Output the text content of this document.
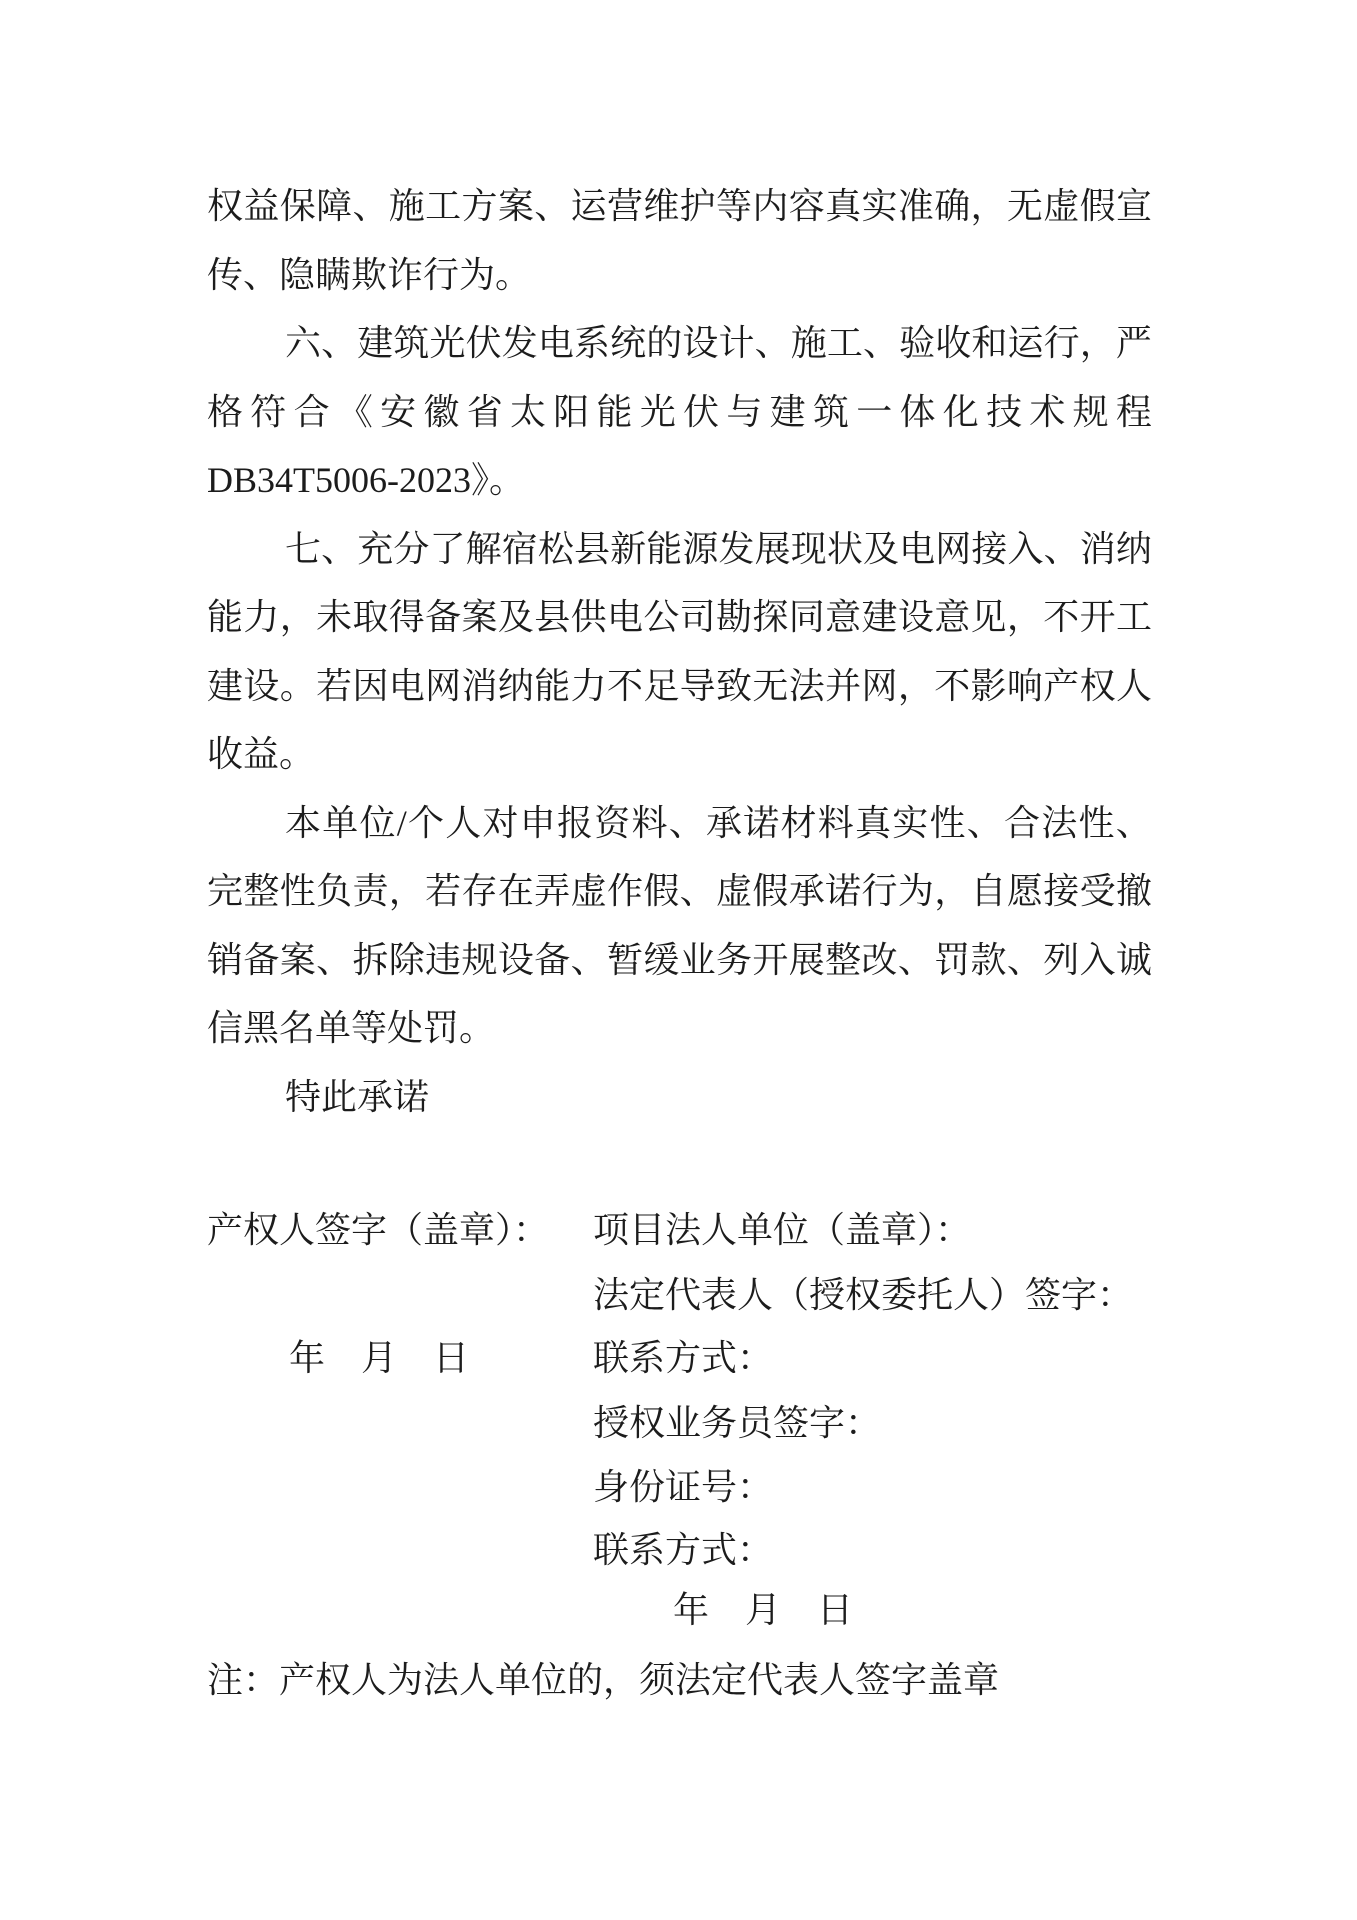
权 益 保 障 、 施 工 方 案 、 运 营 维 护 等 内 容 真 实 准 确 ， 无 虚 假 宣
传、隐瞒欺诈行为。
六 、 建 筑 光 伏 发 电 系 统 的 设 计 、 施 工 、 验 收 和 运 行 ， 严
格 符 合 《 安 徽 省 太 阳 能 光 伏 与 建 筑 一 体 化 技 术 规 程
DB34T5006-2023》。
七 、 充 分 了 解 宿 松 县 新 能 源 发 展 现 状 及 电 网 接 入 、 消 纳
能 力 ， 未 取 得 备 案 及 县 供 电 公 司 勘 探 同 意 建 设 意 见 ， 不 开 工
建 设 。 若 因 电 网 消 纳 能 力 不 足 导 致 无 法 并 网 ， 不 影 响 产 权 人
收益。
本 单 位 / 个 人 对 申 报 资 料 、 承 诺 材 料 真 实 性 、 合 法 性 、
完 整 性 负 责 ， 若 存 在 弄 虚 作 假 、 虚 假 承 诺 行 为 ， 自 愿 接 受 撤
销 备 案 、 拆 除 违 规 设 备 、 暂 缓 业 务 开 展 整 改 、 罚 款 、 列 入 诚
信黑名单等处罚。
特此承诺
产权人签字（盖章）： 项目法人单位（盖章）：
法定代表人（授权委托人）签字：
年　月　日	联系方式：
授权业务员签字：
身份证号：
联系方式：
年　月　日
注：产权人为法人单位的，须法定代表人签字盖章
